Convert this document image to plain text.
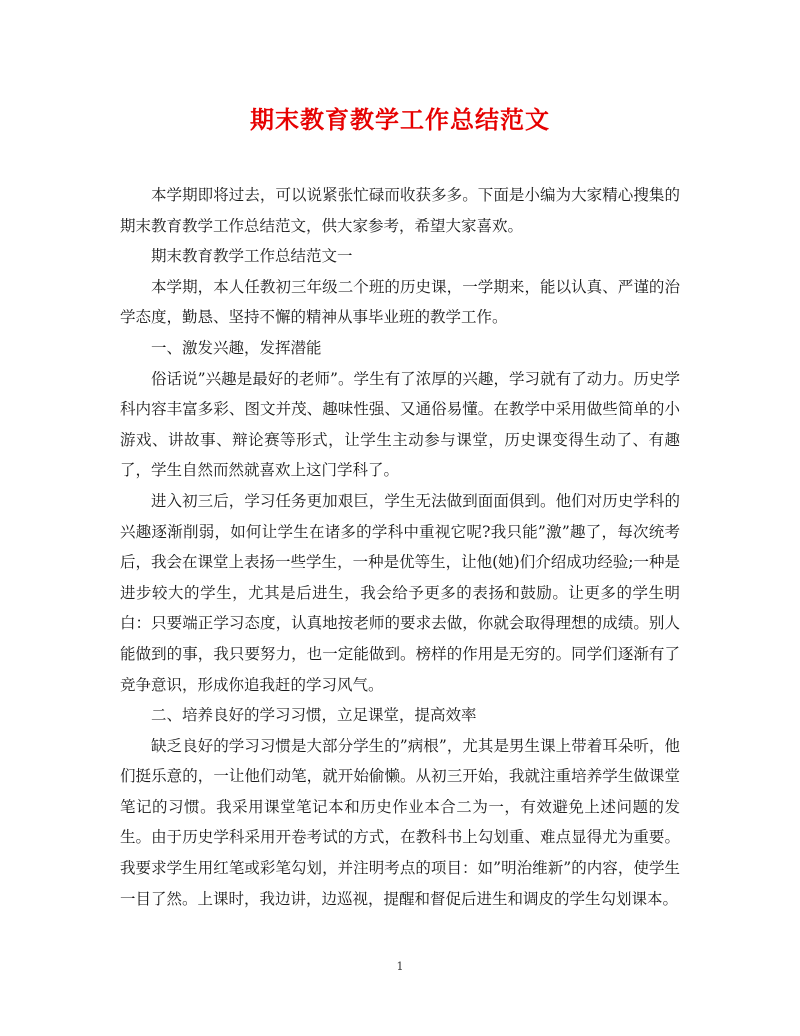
期末教育教学工作总结范文

本学期即将过去，可以说紧张忙碌而收获多多。下面是小编为大家精心搜集的期末教育教学工作总结范文，供大家参考，希望大家喜欢。

期末教育教学工作总结范文一

本学期，本人任教初三年级二个班的历史课，一学期来，能以认真、严谨的治学态度，勤恳、坚持不懈的精神从事毕业班的教学工作。

一、激发兴趣，发挥潜能

俗话说”兴趣是最好的老师”。学生有了浓厚的兴趣，学习就有了动力。历史学科内容丰富多彩、图文并茂、趣味性强、又通俗易懂。在教学中采用做些简单的小游戏、讲故事、辩论赛等形式，让学生主动参与课堂，历史课变得生动了、有趣了，学生自然而然就喜欢上这门学科了。

进入初三后，学习任务更加艰巨，学生无法做到面面俱到。他们对历史学科的兴趣逐渐削弱，如何让学生在诸多的学科中重视它呢?我只能”激”趣了，每次统考后，我会在课堂上表扬一些学生，一种是优等生，让他(她)们介绍成功经验;一种是进步较大的学生，尤其是后进生，我会给予更多的表扬和鼓励。让更多的学生明白：只要端正学习态度，认真地按老师的要求去做，你就会取得理想的成绩。别人能做到的事，我只要努力，也一定能做到。榜样的作用是无穷的。同学们逐渐有了竞争意识，形成你追我赶的学习风气。

二、培养良好的学习习惯，立足课堂，提高效率

缺乏良好的学习习惯是大部分学生的”病根”，尤其是男生课上带着耳朵听，他们挺乐意的，一让他们动笔，就开始偷懒。从初三开始，我就注重培养学生做课堂笔记的习惯。我采用课堂笔记本和历史作业本合二为一，有效避免上述问题的发生。由于历史学科采用开卷考试的方式，在教科书上勾划重、难点显得尤为重要。我要求学生用红笔或彩笔勾划，并注明考点的项目：如”明治维新”的内容，使学生一目了然。上课时，我边讲，边巡视，提醒和督促后进生和调皮的学生勾划课本。

1
